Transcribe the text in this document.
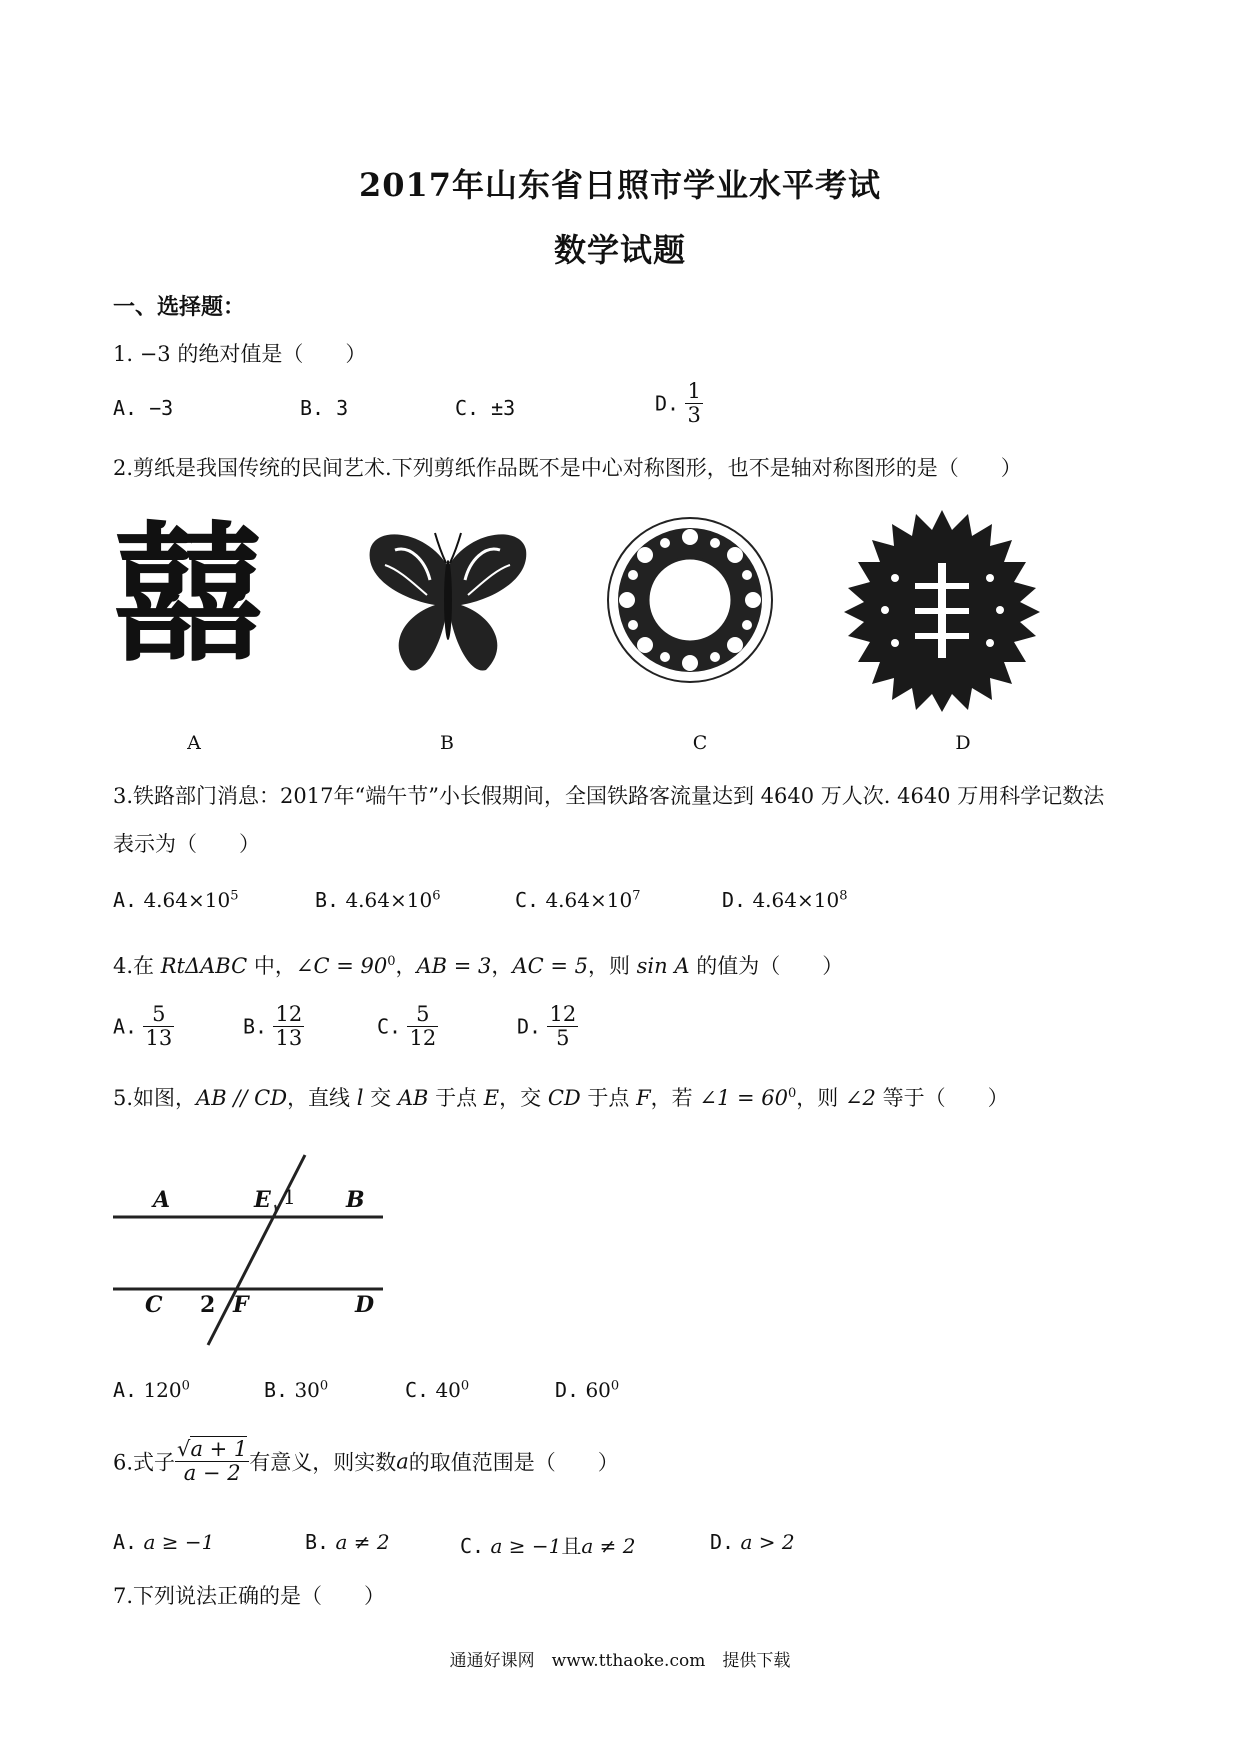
2017年山东省日照市学业水平考试
数学试题
一、选择题：
1. −3 的绝对值是（　　）
A. −3	B. 3	C. ±3	D. $\frac{1}{3}$
2.剪纸是我国传统的民间艺术.下列剪纸作品既不是中心对称图形，也不是轴对称图形的是（　　）
囍
A	B	C	D
3.铁路部门消息：2017年“端午节”小长假期间，全国铁路客流量达到 4640 万人次. 4640 万用科学记数法
表示为（　　）
A. $4.64\times 10^5$	B. $4.64\times 10^6$	C. $4.64\times 10^7$	D. $4.64\times 10^8$
4.在 RtΔABC 中，∠C = $90^0$，AB = 3，AC = 5，则 sin A 的值为（　　）
A. $\frac{5}{13}$	B. $\frac{12}{13}$	C. $\frac{5}{12}$	D. $\frac{12}{5}$
5.如图，AB // CD，直线 l 交 AB 于点 E，交 CD 于点 F，若 ∠1 = $60^0$，则 ∠2 等于（　　）
A	E 1 B
C 2 F	D
A. $120^0$	B. $30^0$	C. $40^0$	D. $60^0$
6.式子 $\frac{√a + 1}{a - 2}$ 有意义，则实数a的取值范围是（　　）
A. a ≥ −1	B. a ≠ 2	C. a ≥ −1且a ≠ 2	D. a > 2
7.下列说法正确的是（　　）
通通好课网　www.tthaoke.com　提供下载
